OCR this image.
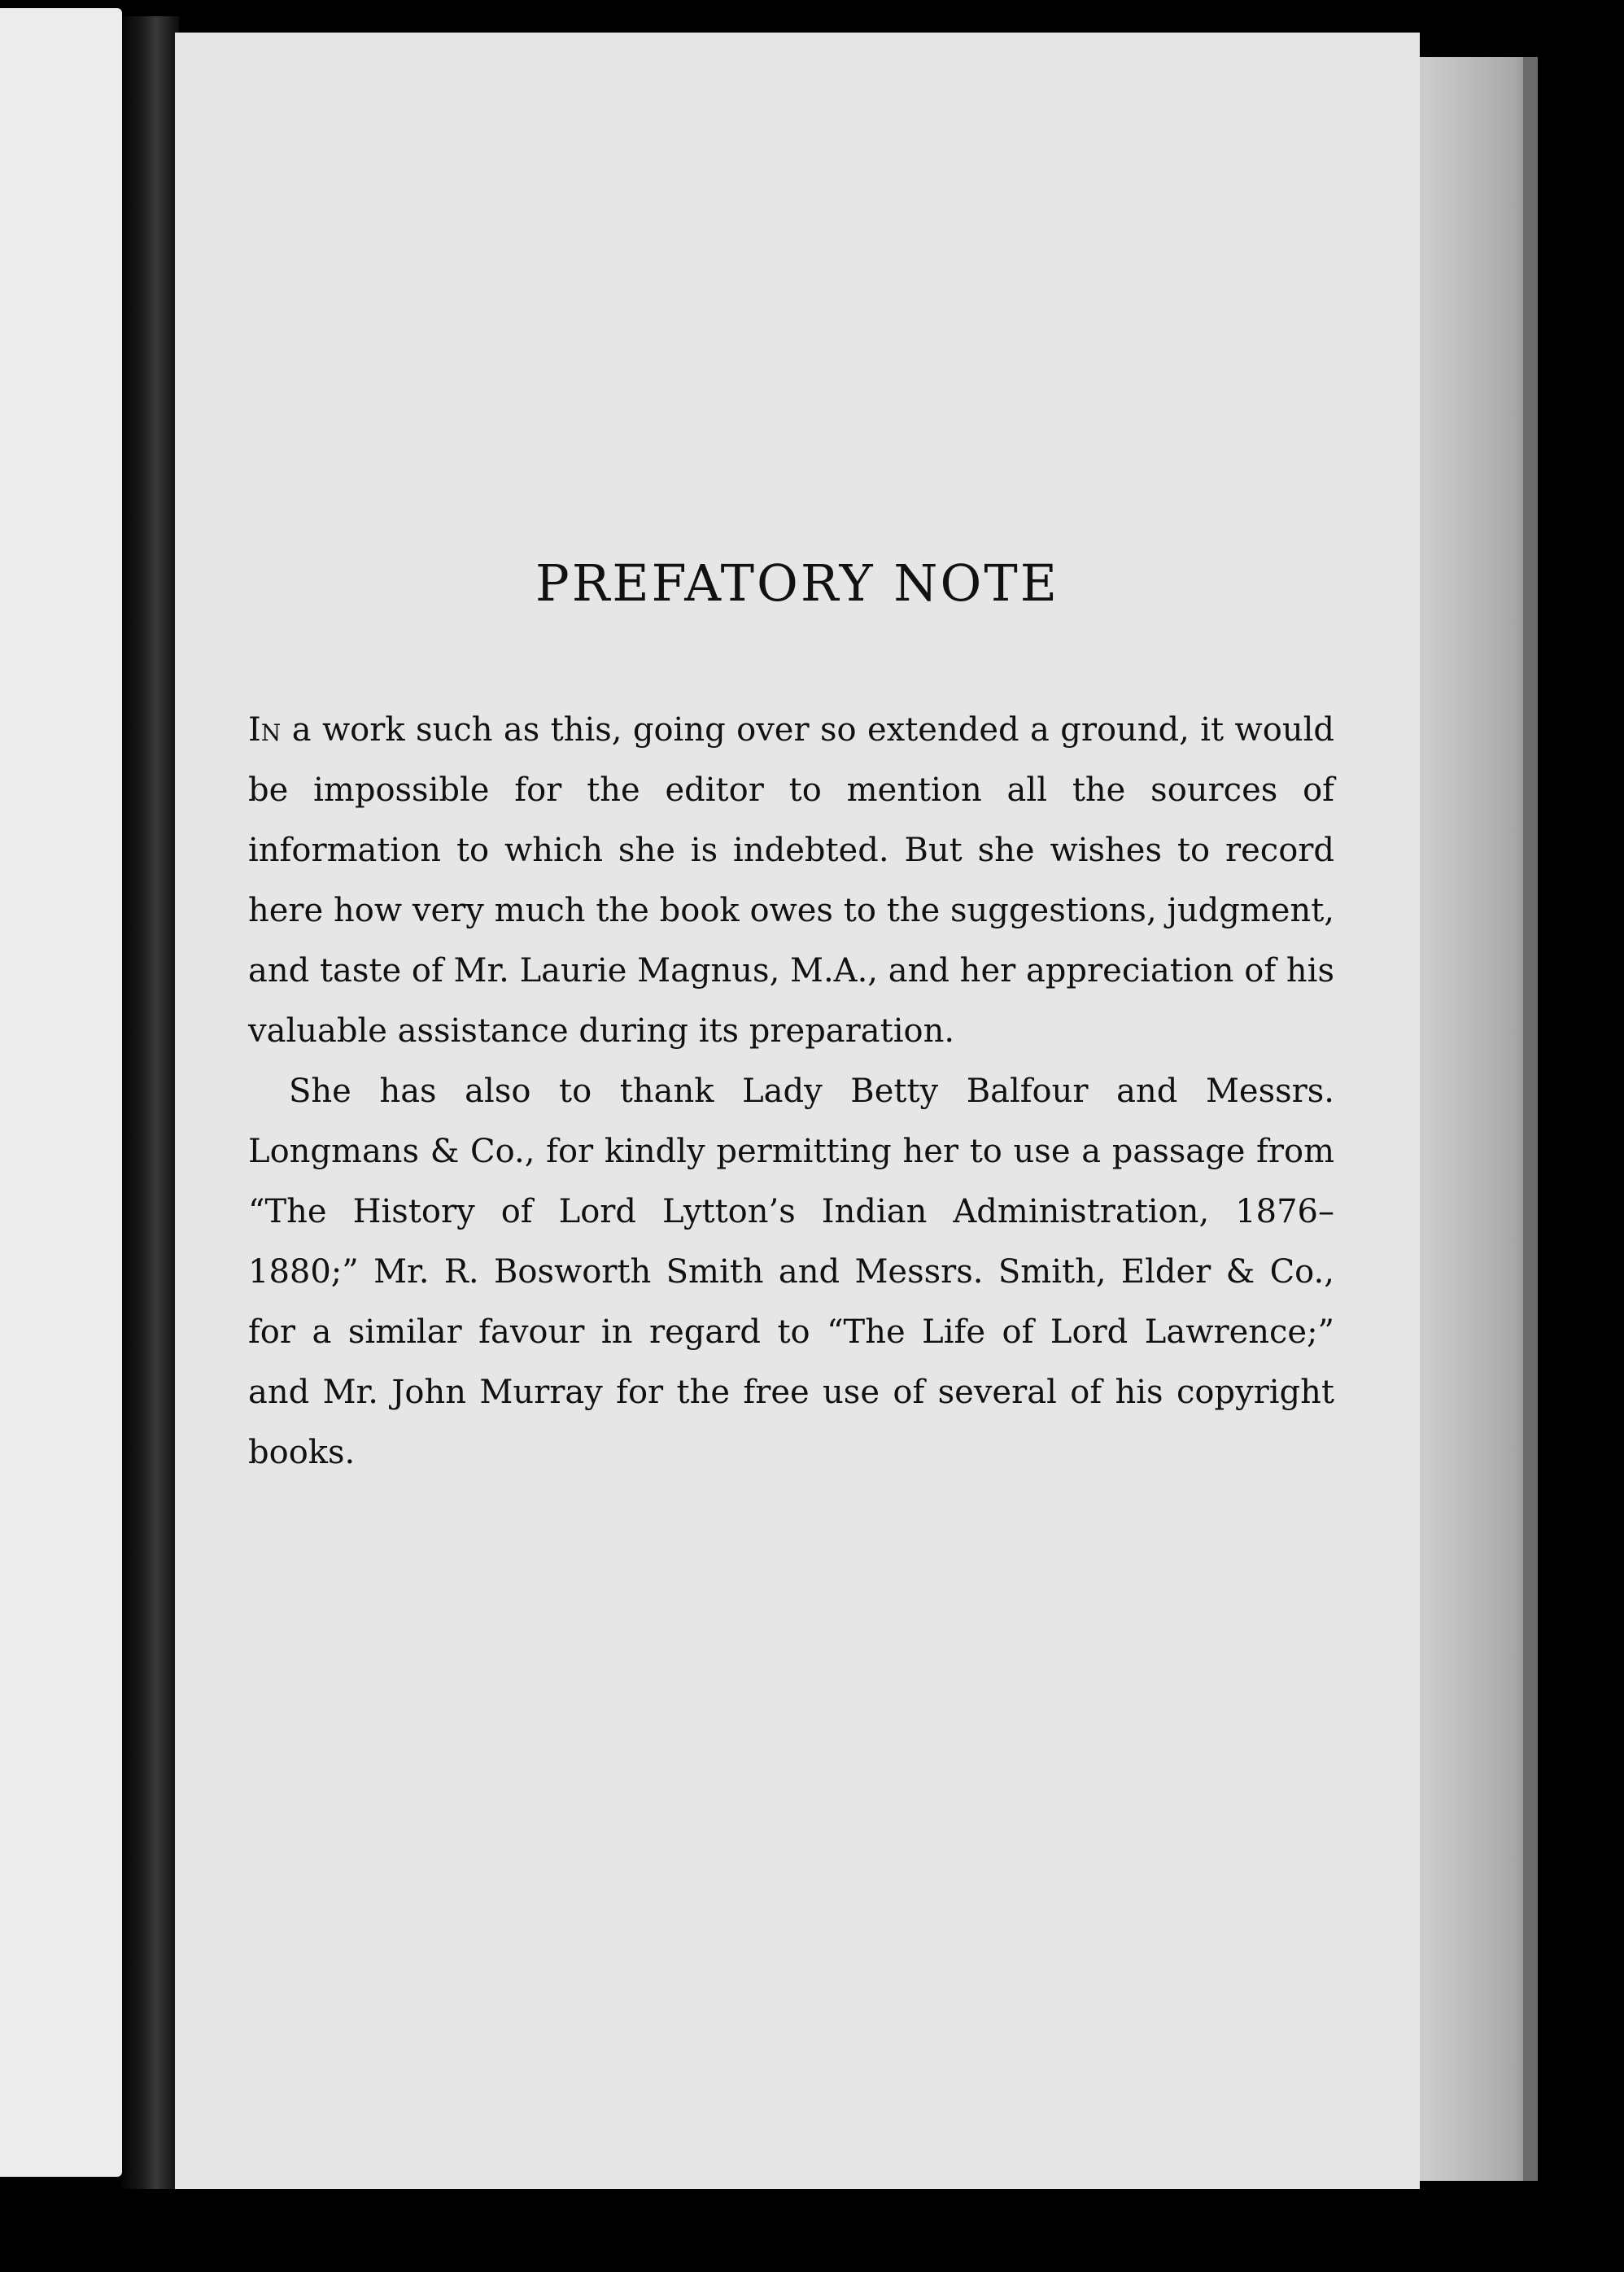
PREFATORY NOTE

In a work such as this, going over so extended a ground, it would be impossible for the editor to mention all the sources of information to which she is indebted. But she wishes to record here how very much the book owes to the suggestions, judgment, and taste of Mr. Laurie Magnus, M.A., and her appreciation of his valuable assistance during its preparation.

She has also to thank Lady Betty Balfour and Messrs. Longmans & Co., for kindly permitting her to use a passage from “The History of Lord Lytton’s Indian Administration, 1876–1880;” Mr. R. Bosworth Smith and Messrs. Smith, Elder & Co., for a similar favour in regard to “The Life of Lord Lawrence;” and Mr. John Murray for the free use of several of his copyright books.
